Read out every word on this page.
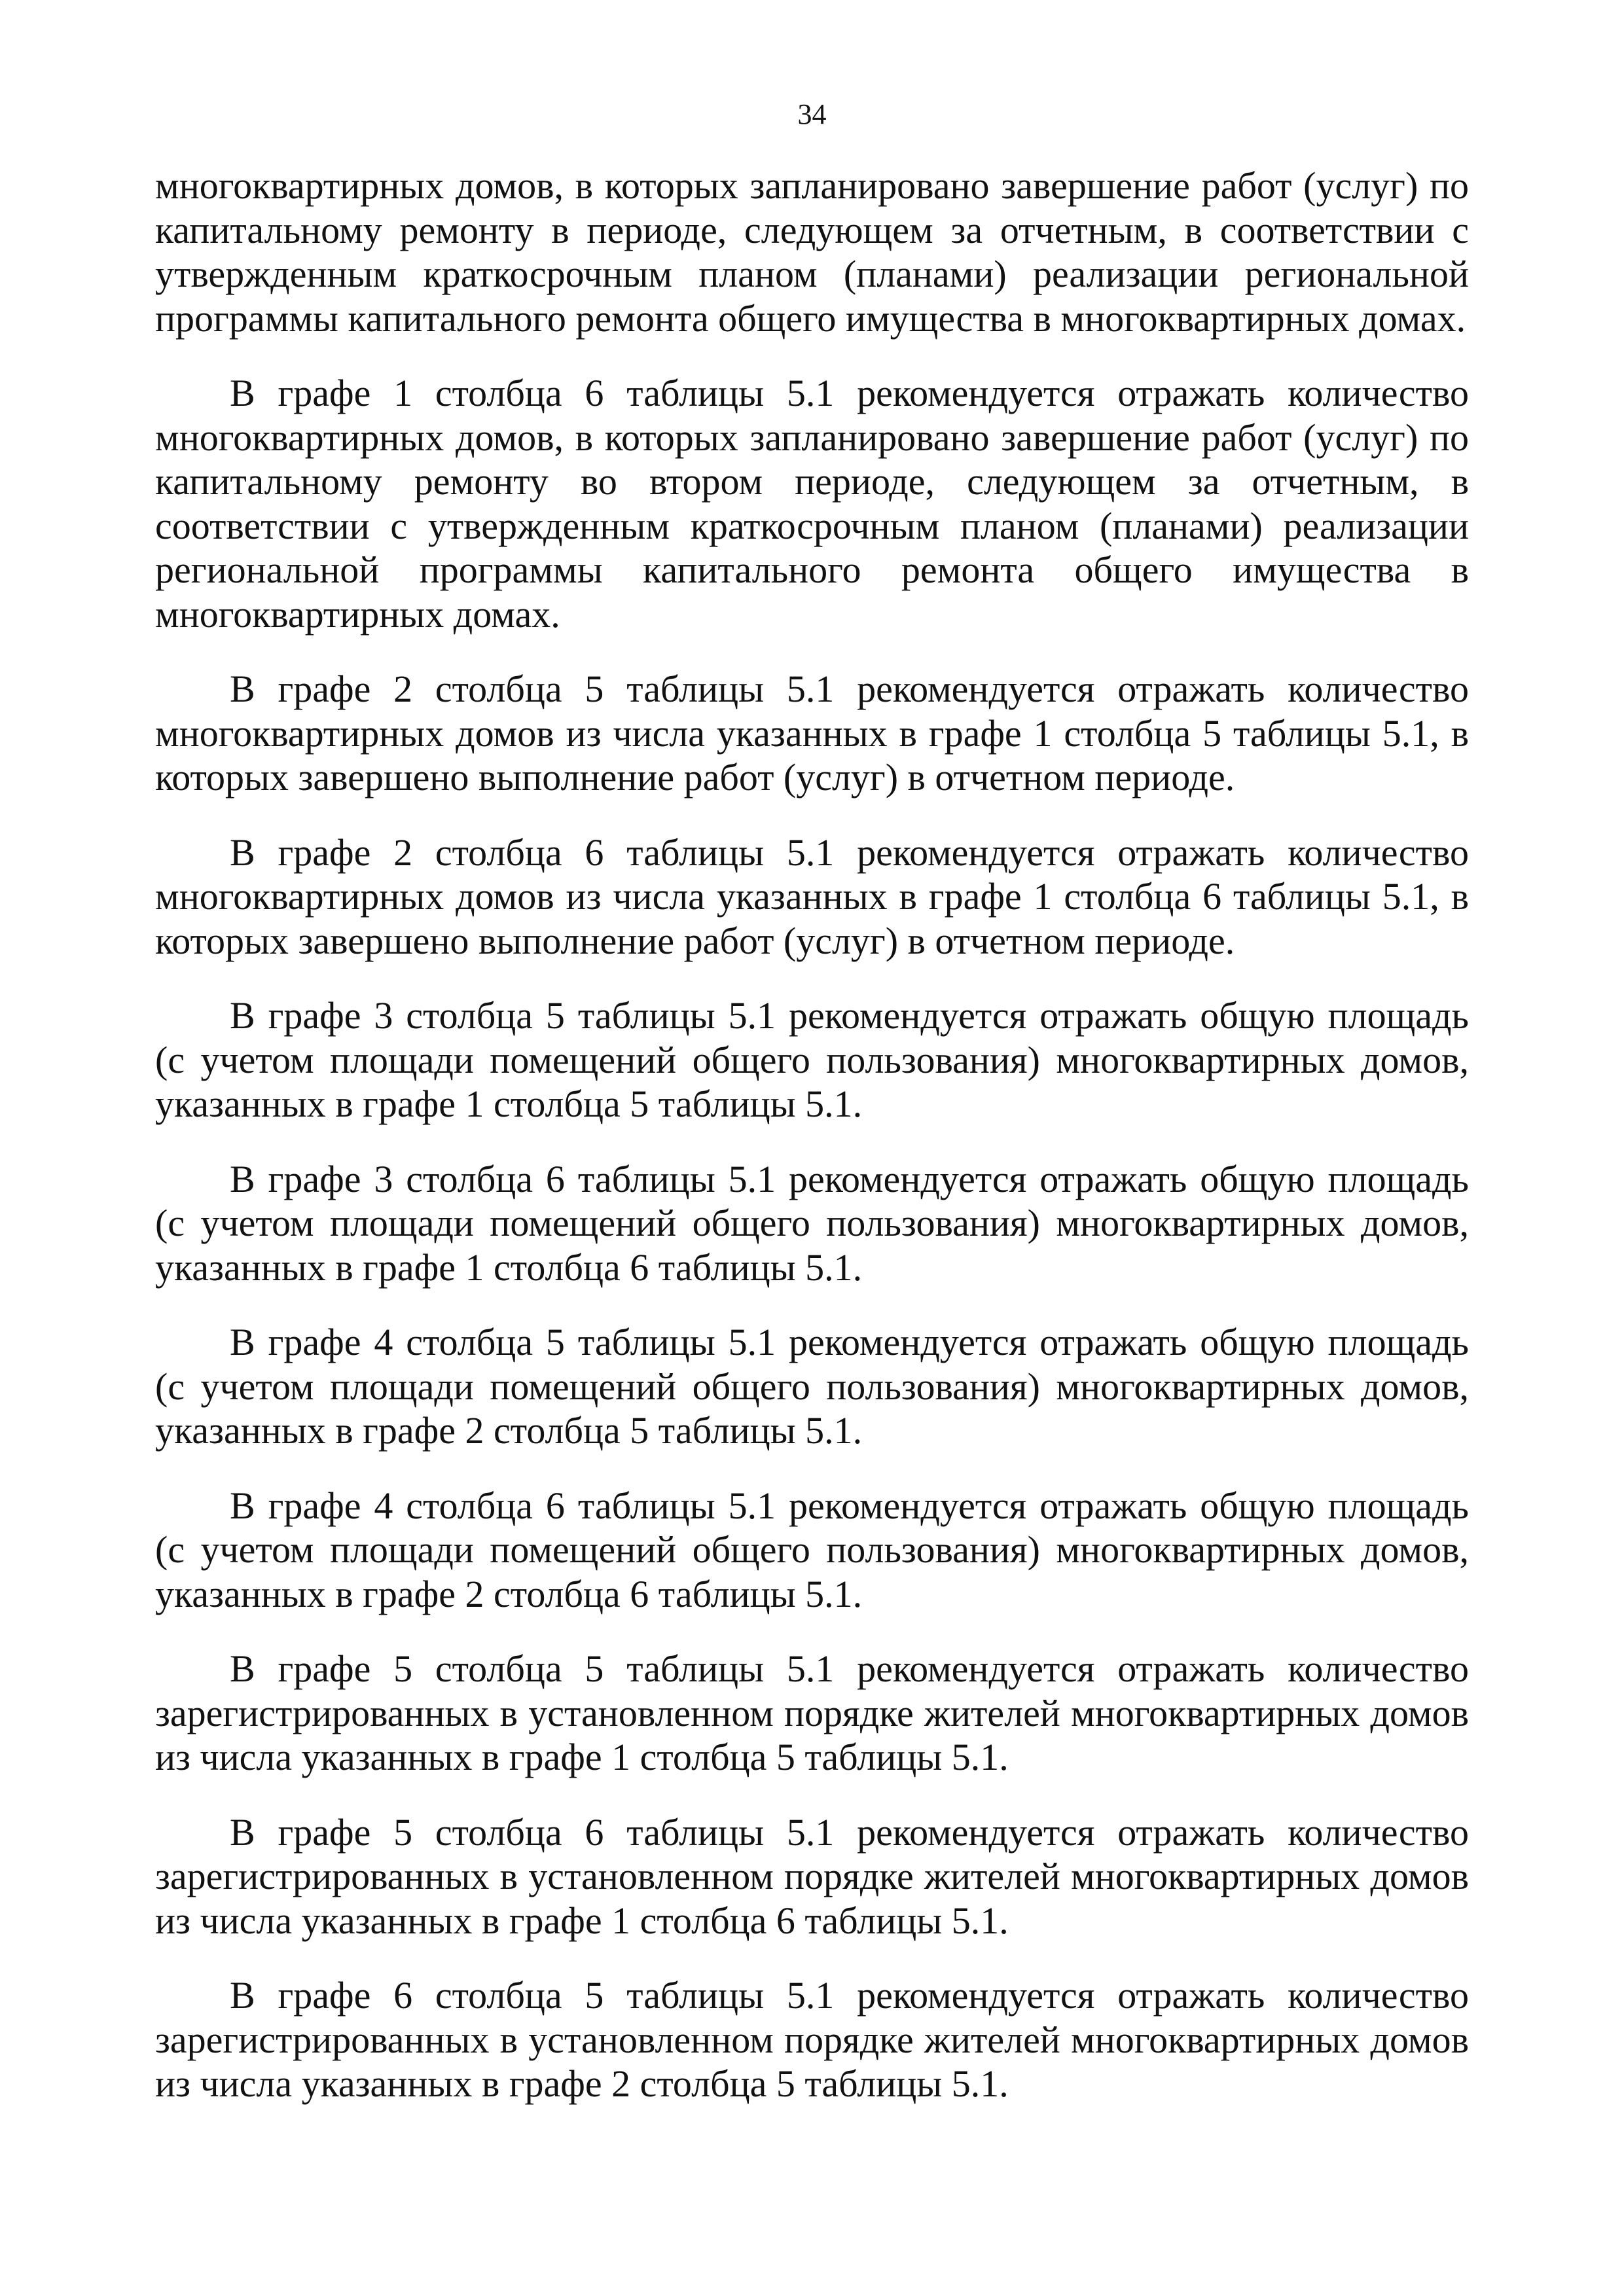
34

многоквартирных домов, в которых запланировано завершение работ (услуг) по капитальному ремонту в периоде, следующем за отчетным, в соответствии с утвержденным краткосрочным планом (планами) реализации региональной программы капитального ремонта общего имущества в многоквартирных домах.

В графе 1 столбца 6 таблицы 5.1 рекомендуется отражать количество многоквартирных домов, в которых запланировано завершение работ (услуг) по капитальному ремонту во втором периоде, следующем за отчетным, в соответствии с утвержденным краткосрочным планом (планами) реализации региональной программы капитального ремонта общего имущества в многоквартирных домах.

В графе 2 столбца 5 таблицы 5.1 рекомендуется отражать количество многоквартирных домов из числа указанных в графе 1 столбца 5 таблицы 5.1, в которых завершено выполнение работ (услуг) в отчетном периоде.

В графе 2 столбца 6 таблицы 5.1 рекомендуется отражать количество многоквартирных домов из числа указанных в графе 1 столбца 6 таблицы 5.1, в которых завершено выполнение работ (услуг) в отчетном периоде.

В графе 3 столбца 5 таблицы 5.1 рекомендуется отражать общую площадь (с учетом площади помещений общего пользования) многоквартирных домов, указанных в графе 1 столбца 5 таблицы 5.1.

В графе 3 столбца 6 таблицы 5.1 рекомендуется отражать общую площадь (с учетом площади помещений общего пользования) многоквартирных домов, указанных в графе 1 столбца 6 таблицы 5.1.

В графе 4 столбца 5 таблицы 5.1 рекомендуется отражать общую площадь (с учетом площади помещений общего пользования) многоквартирных домов, указанных в графе 2 столбца 5 таблицы 5.1.

В графе 4 столбца 6 таблицы 5.1 рекомендуется отражать общую площадь (с учетом площади помещений общего пользования) многоквартирных домов, указанных в графе 2 столбца 6 таблицы 5.1.

В графе 5 столбца 5 таблицы 5.1 рекомендуется отражать количество зарегистрированных в установленном порядке жителей многоквартирных домов из числа указанных в графе 1 столбца 5 таблицы 5.1.

В графе 5 столбца 6 таблицы 5.1 рекомендуется отражать количество зарегистрированных в установленном порядке жителей многоквартирных домов из числа указанных в графе 1 столбца 6 таблицы 5.1.

В графе 6 столбца 5 таблицы 5.1 рекомендуется отражать количество зарегистрированных в установленном порядке жителей многоквартирных домов из числа указанных в графе 2 столбца 5 таблицы 5.1.
